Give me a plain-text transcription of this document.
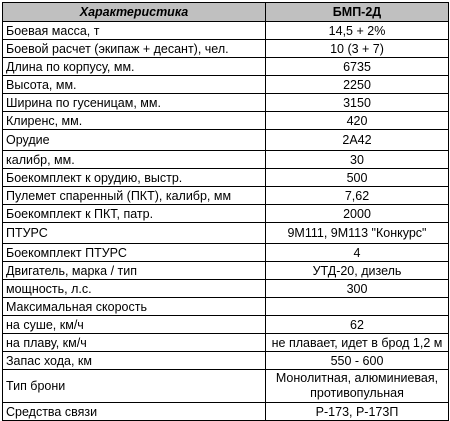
Характеристика	БМП-2Д
Боевая масса, т	14,5 + 2%
Боевой расчет (экипаж + десант), чел.	10 (3 + 7)
Длина по корпусу, мм.	6735
Высота, мм.	2250
Ширина по гусеницам, мм.	3150
Клиренс, мм.	420
Орудие	2А42
калибр, мм.	30
Боекомплект к орудию, выстр.	500
Пулемет спаренный (ПКТ), калибр, мм	7,62
Боекомплект к ПКТ, патр.	2000
ПТУРС	9М111, 9М113 "Конкурс"
Боекомплект ПТУРС	4
Двигатель, марка / тип	УТД-20, дизель
мощность, л.с.	300
Максимальная скорость	
на суше, км/ч	62
на плаву, км/ч	не плавает, идет в брод 1,2 м
Запас хода, км	550 - 600
Тип брони	Монолитная, алюминиевая,
противопульная

Средства связи	Р-173, Р-173П
